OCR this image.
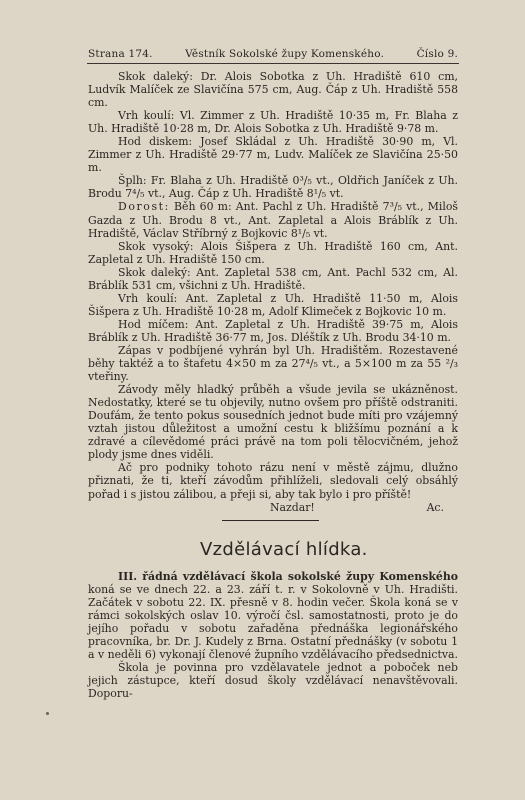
Strana 174.	Věstník Sokolské župy Komenského.	Číslo 9.

Skok daleký: Dr. Alois Sobotka z Uh. Hradiště 610 cm, Ludvík Malíček ze Slavičína 575 cm, Aug. Čáp z Uh. Hradiště 558 cm.

Vrh koulí: Vl. Zimmer z Uh. Hradiště 10·35 m, Fr. Blaha z Uh. Hradiště 10·28 m, Dr. Alois Sobotka z Uh. Hradiště 9·78 m.

Hod diskem: Josef Skládal z Uh. Hradiště 30·90 m, Vl. Zimmer z Uh. Hradiště 29·77 m, Ludv. Malíček ze Slavičína 25·50 m.

Šplh: Fr. Blaha z Uh. Hradiště 0³/₅ vt., Oldřich Janíček z Uh. Brodu 7⁴/₅ vt., Aug. Čáp z Uh. Hradiště 8¹/₅ vt.

Dorost: Běh 60 m: Ant. Pachl z Uh. Hradiště 7³/₅ vt., Miloš Gazda z Uh. Brodu 8 vt., Ant. Zapletal a Alois Bráblík z Uh. Hradiště, Václav Stříbrný z Bojkovic 8¹/₅ vt.

Skok vysoký: Alois Šišpera z Uh. Hradiště 160 cm, Ant. Zapletal z Uh. Hradiště 150 cm.

Skok daleký: Ant. Zapletal 538 cm, Ant. Pachl 532 cm, Al. Bráblík 531 cm, všichni z Uh. Hradiště.

Vrh koulí: Ant. Zapletal z Uh. Hradiště 11·50 m, Alois Šišpera z Uh. Hradiště 10·28 m, Adolf Klimeček z Bojkovic 10 m.

Hod míčem: Ant. Zapletal z Uh. Hradiště 39·75 m, Alois Bráblík z Uh. Hradiště 36·77 m, Jos. Dléštík z Uh. Brodu 34·10 m.

Zápas v podbíjené vyhrán byl Uh. Hradištěm. Rozestavené běhy taktéž a to štafetu 4×50 m za 27⁴/₅ vt., a 5×100 m za 55 ²/₃ vteřiny.

Závody měly hladký průběh a všude jevila se ukázněnost. Nedostatky, které se tu objevily, nutno ovšem pro příště odstraniti. Doufám, že tento pokus sousedních jednot bude míti pro vzájemný vztah jistou důležitost a umožní cestu k bližšímu poznání a k zdravé a cílevědomé práci právě na tom poli tělocvičném, jehož plody jsme dnes viděli.

Ač pro podniky tohoto rázu není v městě zájmu, dlužno přiznati, že ti, kteří závodům přihlíželi, sledovali celý obsáhlý pořad i s jistou zálibou, a přeji si, aby tak bylo i pro příště!

Nazdar!	Ac.

Vzdělávací hlídka.

III. řádná vzdělávací škola sokolské župy Komenského koná se ve dnech 22. a 23. září t. r. v Sokolovně v Uh. Hradišti. Začátek v sobotu 22. IX. přesně v 8. hodin večer. Škola koná se v rámci sokolských oslav 10. výročí čsl. samostatnosti, proto je do jejího pořadu v sobotu zařaděna přednáška legionářského pracovníka, br. Dr. J. Kudely z Brna. Ostatní přednášky (v sobotu 1 a v neděli 6) vykonají členové župního vzdělávacího předsednictva.

Škola je povinna pro vzdělavatele jednot a poboček neb jejich zástupce, kteří dosud školy vzdělávací nenavštěvovali. Doporu-
